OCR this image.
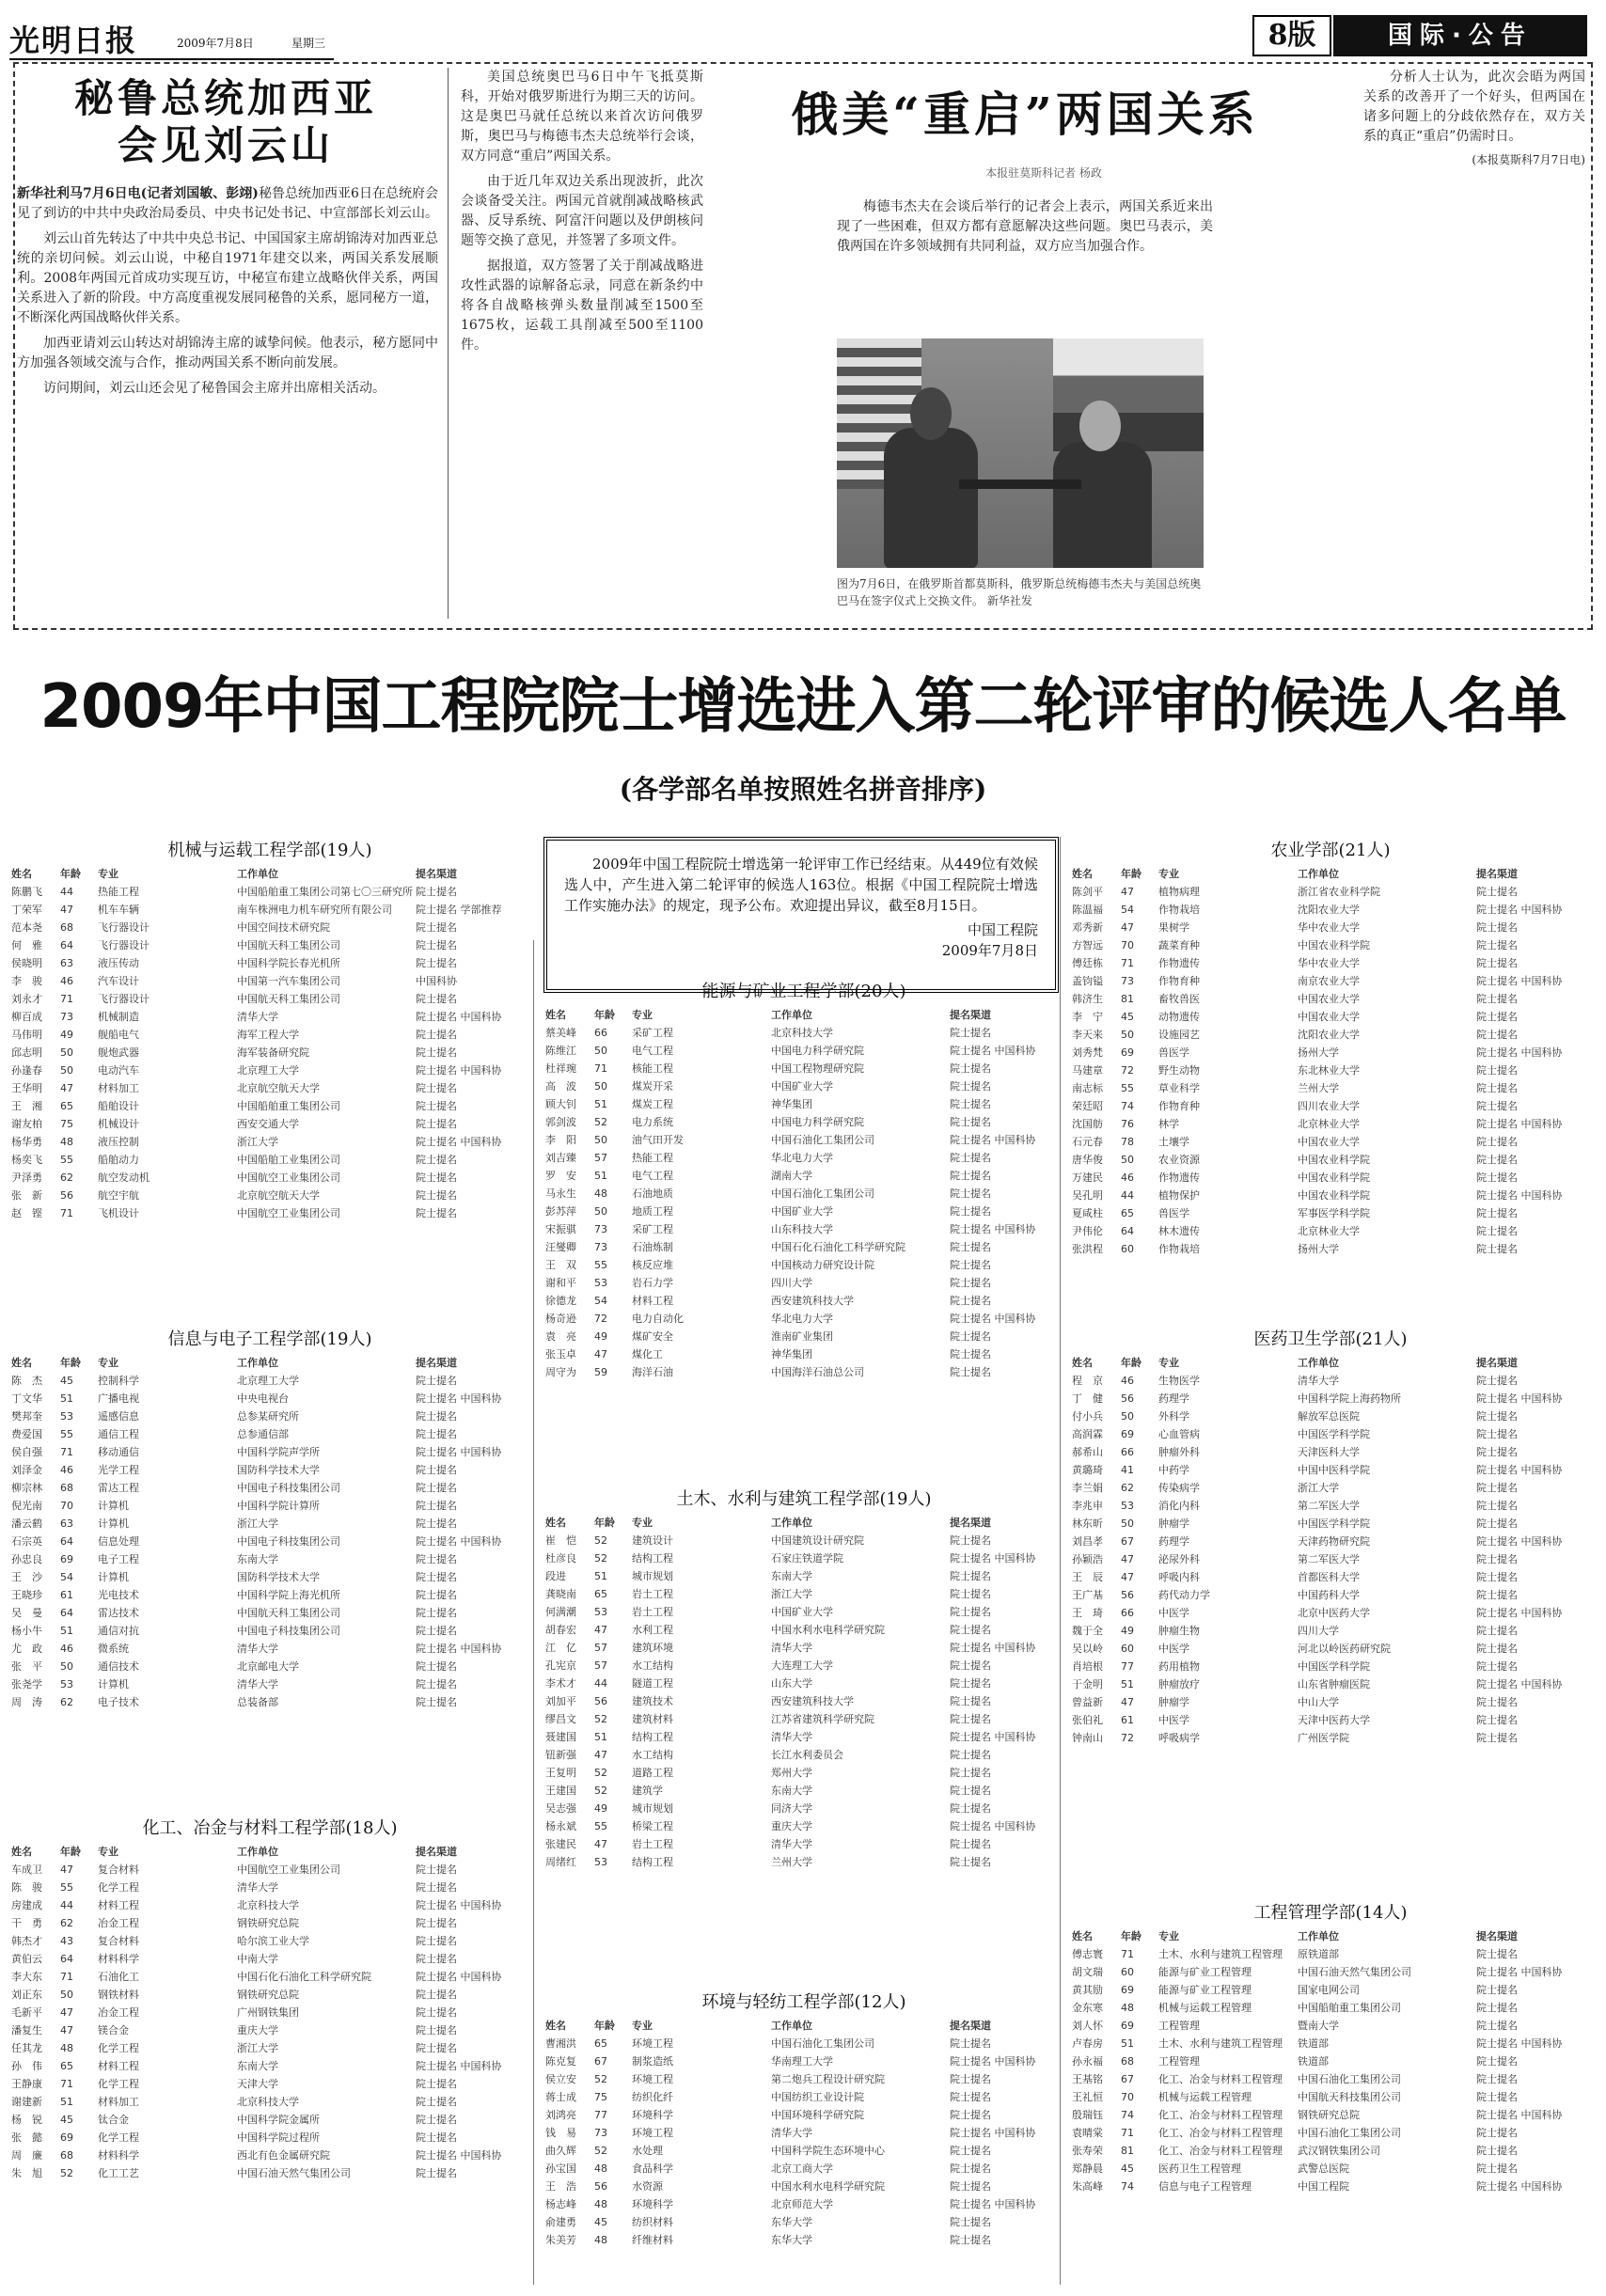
光明日报	2009年7月8日	星期三	8版	国际·公告
秘鲁总统加西亚
会见刘云山

新华社利马7月6日电(记者刘国敏、彭翊)秘鲁总统加西亚6日在总统府会见了到访的中共中央政治局委员、中央书记处书记、中宣部部长刘云山。

刘云山首先转达了中共中央总书记、中国国家主席胡锦涛对加西亚总统的亲切问候。刘云山说，中秘自1971年建交以来，两国关系发展顺利。2008年两国元首成功实现互访，中秘宣布建立战略伙伴关系，两国关系进入了新的阶段。中方高度重视发展同秘鲁的关系，愿同秘方一道，不断深化两国战略伙伴关系。

加西亚请刘云山转达对胡锦涛主席的诚挚问候。他表示，秘方愿同中方加强各领域交流与合作，推动两国关系不断向前发展。

访问期间，刘云山还会见了秘鲁国会主席并出席相关活动。

俄美“重启”两国关系
本报驻莫斯科记者 杨政

美国总统奥巴马6日中午飞抵莫斯科，开始对俄罗斯进行为期三天的访问。这是奥巴马就任总统以来首次访问俄罗斯，奥巴马与梅德韦杰夫总统举行会谈，双方同意“重启”两国关系。

由于近几年双边关系出现波折，此次会谈备受关注。两国元首就削减战略核武器、反导系统、阿富汗问题以及伊朗核问题等交换了意见，并签署了多项文件。

据报道，双方签署了关于削减战略进攻性武器的谅解备忘录，同意在新条约中将各自战略核弹头数量削减至1500至1675枚，运载工具削减至500至1100件。

梅德韦杰夫在会谈后举行的记者会上表示，两国关系近来出现了一些困难，但双方都有意愿解决这些问题。奥巴马表示，美俄两国在许多领域拥有共同利益，双方应当加强合作。

分析人士认为，此次会晤为两国关系的改善开了一个好头，但两国在诸多问题上的分歧依然存在，双方关系的真正“重启”仍需时日。

(本报莫斯科7月7日电)

图为7月6日，在俄罗斯首都莫斯科，俄罗斯总统梅德韦杰夫与美国总统奥巴马在签字仪式上交换文件。 新华社发
2009年中国工程院院士增选进入第二轮评审的候选人名单
(各学部名单按照姓名拼音排序)
2009年中国工程院院士增选第一轮评审工作已经结束。从449位有效候选人中，产生进入第二轮评审的候选人163位。根据《中国工程院院士增选工作实施办法》的规定，现予公布。欢迎提出异议，截至8月15日。
中国工程院
2009年7月8日
机械与运载工程学部(19人)
姓名	年龄	专业	工作单位	提名渠道
陈鹏飞	44	热能工程	中国船舶重工集团公司第七〇三研究所 院士提名
丁荣军	47	机车车辆	南车株洲电力机车研究所有限公司	院士提名 学部推荐
范本尧	68	飞行器设计	中国空间技术研究院	院士提名
何　雅	64	飞行器设计	中国航天科工集团公司	院士提名
侯晓明	63	液压传动	中国科学院长春光机所	院士提名
李　骏	46	汽车设计	中国第一汽车集团公司	中国科协
刘永才	71	飞行器设计	中国航天科工集团公司	院士提名
柳百成	73	机械制造	清华大学	院士提名 中国科协
马伟明	49	舰船电气	海军工程大学	院士提名
邱志明	50	舰炮武器	海军装备研究院	院士提名
孙逢春	50	电动汽车	北京理工大学	院士提名 中国科协
王华明	47	材料加工	北京航空航天大学	院士提名
王　湘	65	船舶设计	中国船舶重工集团公司	院士提名
谢友柏	75	机械设计	西安交通大学	院士提名
杨华勇	48	液压控制	浙江大学	院士提名 中国科协
杨奕飞	55	船舶动力	中国船舶工业集团公司	院士提名
尹泽勇	62	航空发动机	中国航空工业集团公司	院士提名
张　新	56	航空宇航	北京航空航天大学	院士提名
赵　铿	71	飞机设计	中国航空工业集团公司	院士提名
信息与电子工程学部(19人)
姓名	年龄	专业	工作单位	提名渠道
陈　杰	45	控制科学	北京理工大学	院士提名
丁文华	51	广播电视	中央电视台	院士提名 中国科协
樊邦奎	53	遥感信息	总参某研究所	院士提名
费爱国	55	通信工程	总参通信部	院士提名
侯自强	71	移动通信	中国科学院声学所	院士提名 中国科协
刘泽金	46	光学工程	国防科学技术大学	院士提名
柳宗林	68	雷达工程	中国电子科技集团公司	院士提名
倪光南	70	计算机	中国科学院计算所	院士提名
潘云鹤	63	计算机	浙江大学	院士提名
石宗英	64	信息处理	中国电子科技集团公司	院士提名 中国科协
孙忠良	69	电子工程	东南大学	院士提名
王　沙	54	计算机	国防科学技术大学	院士提名
王晓珍	61	光电技术	中国科学院上海光机所	院士提名
吴　曼	64	雷达技术	中国航天科工集团公司	院士提名
杨小牛	51	通信对抗	中国电子科技集团公司	院士提名
尤　政	46	微系统	清华大学	院士提名 中国科协
张　平	50	通信技术	北京邮电大学	院士提名
张尧学	53	计算机	清华大学	院士提名
周　涛	62	电子技术	总装备部	院士提名
化工、冶金与材料工程学部(18人)
姓名	年龄	专业	工作单位	提名渠道
车成卫	47	复合材料	中国航空工业集团公司	院士提名
陈　骏	55	化学工程	清华大学	院士提名
房建成	44	材料工程	北京科技大学	院士提名 中国科协
干　勇	62	冶金工程	钢铁研究总院	院士提名
韩杰才	43	复合材料	哈尔滨工业大学	院士提名
黄伯云	64	材料科学	中南大学	院士提名
李大东	71	石油化工	中国石化石油化工科学研究院	院士提名 中国科协
刘正东	50	钢铁材料	钢铁研究总院	院士提名
毛新平	47	冶金工程	广州钢铁集团	院士提名
潘复生	47	镁合金	重庆大学	院士提名
任其龙	48	化学工程	浙江大学	院士提名
孙　伟	65	材料工程	东南大学	院士提名 中国科协
王静康	71	化学工程	天津大学	院士提名
谢建新	51	材料加工	北京科技大学	院士提名
杨　锐	45	钛合金	中国科学院金属所	院士提名
张　懿	69	化学工程	中国科学院过程所	院士提名
周　廉	68	材料科学	西北有色金属研究院	院士提名 中国科协
朱　旭	52	化工工艺	中国石油天然气集团公司	院士提名
能源与矿业工程学部(20人)
姓名	年龄	专业	工作单位	提名渠道
蔡美峰	66	采矿工程	北京科技大学	院士提名
陈维江	50	电气工程	中国电力科学研究院	院士提名 中国科协
杜祥琬	71	核能工程	中国工程物理研究院	院士提名
高　波	50	煤炭开采	中国矿业大学	院士提名
顾大钊	51	煤炭工程	神华集团	院士提名
郭剑波	52	电力系统	中国电力科学研究院	院士提名
李　阳	50	油气田开发	中国石油化工集团公司	院士提名 中国科协
刘吉臻	57	热能工程	华北电力大学	院士提名
罗　安	51	电气工程	湖南大学	院士提名
马永生	48	石油地质	中国石油化工集团公司	院士提名
彭苏萍	50	地质工程	中国矿业大学	院士提名
宋振骐	73	采矿工程	山东科技大学	院士提名 中国科协
汪燮卿	73	石油炼制	中国石化石油化工科学研究院	院士提名
王　双	55	核反应堆	中国核动力研究设计院	院士提名
谢和平	53	岩石力学	四川大学	院士提名
徐德龙	54	材料工程	西安建筑科技大学	院士提名
杨奇逊	72	电力自动化	华北电力大学	院士提名 中国科协
袁　亮	49	煤矿安全	淮南矿业集团	院士提名
张玉卓	47	煤化工	神华集团	院士提名
周守为	59	海洋石油	中国海洋石油总公司	院士提名
土木、水利与建筑工程学部(19人)
姓名	年龄	专业	工作单位	提名渠道
崔　恺	52	建筑设计	中国建筑设计研究院	院士提名
杜彦良	52	结构工程	石家庄铁道学院	院士提名 中国科协
段进	51	城市规划	东南大学	院士提名
龚晓南	65	岩土工程	浙江大学	院士提名
何满潮	53	岩土工程	中国矿业大学	院士提名
胡春宏	47	水利工程	中国水利水电科学研究院	院士提名
江　亿	57	建筑环境	清华大学	院士提名 中国科协
孔宪京	57	水工结构	大连理工大学	院士提名
李术才	44	隧道工程	山东大学	院士提名
刘加平	56	建筑技术	西安建筑科技大学	院士提名
缪昌文	52	建筑材料	江苏省建筑科学研究院	院士提名
聂建国	51	结构工程	清华大学	院士提名 中国科协
钮新强	47	水工结构	长江水利委员会	院士提名
王复明	52	道路工程	郑州大学	院士提名
王建国	52	建筑学	东南大学	院士提名
吴志强	49	城市规划	同济大学	院士提名
杨永斌	55	桥梁工程	重庆大学	院士提名 中国科协
张建民	47	岩土工程	清华大学	院士提名
周绪红	53	结构工程	兰州大学	院士提名
环境与轻纺工程学部(12人)
姓名	年龄	专业	工作单位	提名渠道
曹湘洪	65	环境工程	中国石油化工集团公司	院士提名
陈克复	67	制浆造纸	华南理工大学	院士提名 中国科协
侯立安	52	环境工程	第二炮兵工程设计研究院	院士提名
蒋士成	75	纺织化纤	中国纺织工业设计院	院士提名
刘鸿亮	77	环境科学	中国环境科学研究院	院士提名
钱　易	73	环境工程	清华大学	院士提名 中国科协
曲久辉	52	水处理	中国科学院生态环境中心	院士提名
孙宝国	48	食品科学	北京工商大学	院士提名
王　浩	56	水资源	中国水利水电科学研究院	院士提名
杨志峰	48	环境科学	北京师范大学	院士提名 中国科协
俞建勇	45	纺织材料	东华大学	院士提名
朱美芳	48	纤维材料	东华大学	院士提名
农业学部(21人)
姓名	年龄	专业	工作单位	提名渠道
陈剑平	47	植物病理	浙江省农业科学院	院士提名
陈温福	54	作物栽培	沈阳农业大学	院士提名 中国科协
邓秀新	47	果树学	华中农业大学	院士提名
方智远	70	蔬菜育种	中国农业科学院	院士提名
傅廷栋	71	作物遗传	华中农业大学	院士提名
盖钧镒	73	作物育种	南京农业大学	院士提名 中国科协
韩济生	81	畜牧兽医	中国农业大学	院士提名
李　宁	45	动物遗传	中国农业大学	院士提名
李天来	50	设施园艺	沈阳农业大学	院士提名
刘秀梵	69	兽医学	扬州大学	院士提名 中国科协
马建章	72	野生动物	东北林业大学	院士提名
南志标	55	草业科学	兰州大学	院士提名
荣廷昭	74	作物育种	四川农业大学	院士提名
沈国舫	76	林学	北京林业大学	院士提名 中国科协
石元春	78	土壤学	中国农业大学	院士提名
唐华俊	50	农业资源	中国农业科学院	院士提名
万建民	46	作物遗传	中国农业科学院	院士提名
吴孔明	44	植物保护	中国农业科学院	院士提名 中国科协
夏咸柱	65	兽医学	军事医学科学院	院士提名
尹伟伦	64	林木遗传	北京林业大学	院士提名
张洪程	60	作物栽培	扬州大学	院士提名
医药卫生学部(21人)
姓名	年龄	专业	工作单位	提名渠道
程　京	46	生物医学	清华大学	院士提名
丁　健	56	药理学	中国科学院上海药物所	院士提名 中国科协
付小兵	50	外科学	解放军总医院	院士提名
高润霖	69	心血管病	中国医学科学院	院士提名
郝希山	66	肿瘤外科	天津医科大学	院士提名
黄璐琦	41	中药学	中国中医科学院	院士提名 中国科协
李兰娟	62	传染病学	浙江大学	院士提名
李兆申	53	消化内科	第二军医大学	院士提名
林东昕	50	肿瘤学	中国医学科学院	院士提名
刘昌孝	67	药理学	天津药物研究院	院士提名 中国科协
孙颖浩	47	泌尿外科	第二军医大学	院士提名
王　辰	47	呼吸内科	首都医科大学	院士提名
王广基	56	药代动力学	中国药科大学	院士提名
王　琦	66	中医学	北京中医药大学	院士提名 中国科协
魏于全	49	肿瘤生物	四川大学	院士提名
吴以岭	60	中医学	河北以岭医药研究院	院士提名
肖培根	77	药用植物	中国医学科学院	院士提名
于金明	51	肿瘤放疗	山东省肿瘤医院	院士提名 中国科协
曾益新	47	肿瘤学	中山大学	院士提名
张伯礼	61	中医学	天津中医药大学	院士提名
钟南山	72	呼吸病学	广州医学院	院士提名
工程管理学部(14人)
姓名	年龄	专业	工作单位	提名渠道
傅志寰	71	土木、水利与建筑工程管理	原铁道部	院士提名
胡文瑞	60	能源与矿业工程管理	中国石油天然气集团公司	院士提名 中国科协
黄其励	69	能源与矿业工程管理	国家电网公司	院士提名
金东寒	48	机械与运载工程管理	中国船舶重工集团公司	院士提名
刘人怀	69	工程管理	暨南大学	院士提名
卢春房	51	土木、水利与建筑工程管理	铁道部	院士提名 中国科协
孙永福	68	工程管理	铁道部	院士提名
王基铭	67	化工、冶金与材料工程管理	中国石油化工集团公司	院士提名
王礼恒	70	机械与运载工程管理	中国航天科技集团公司	院士提名
殷瑞钰	74	化工、冶金与材料工程管理	钢铁研究总院	院士提名 中国科协
袁晴棠	71	化工、冶金与材料工程管理	中国石油化工集团公司	院士提名
张寿荣	81	化工、冶金与材料工程管理	武汉钢铁集团公司	院士提名
郑静晨	45	医药卫生工程管理	武警总医院	院士提名
朱高峰	74	信息与电子工程管理	中国工程院	院士提名 中国科协
